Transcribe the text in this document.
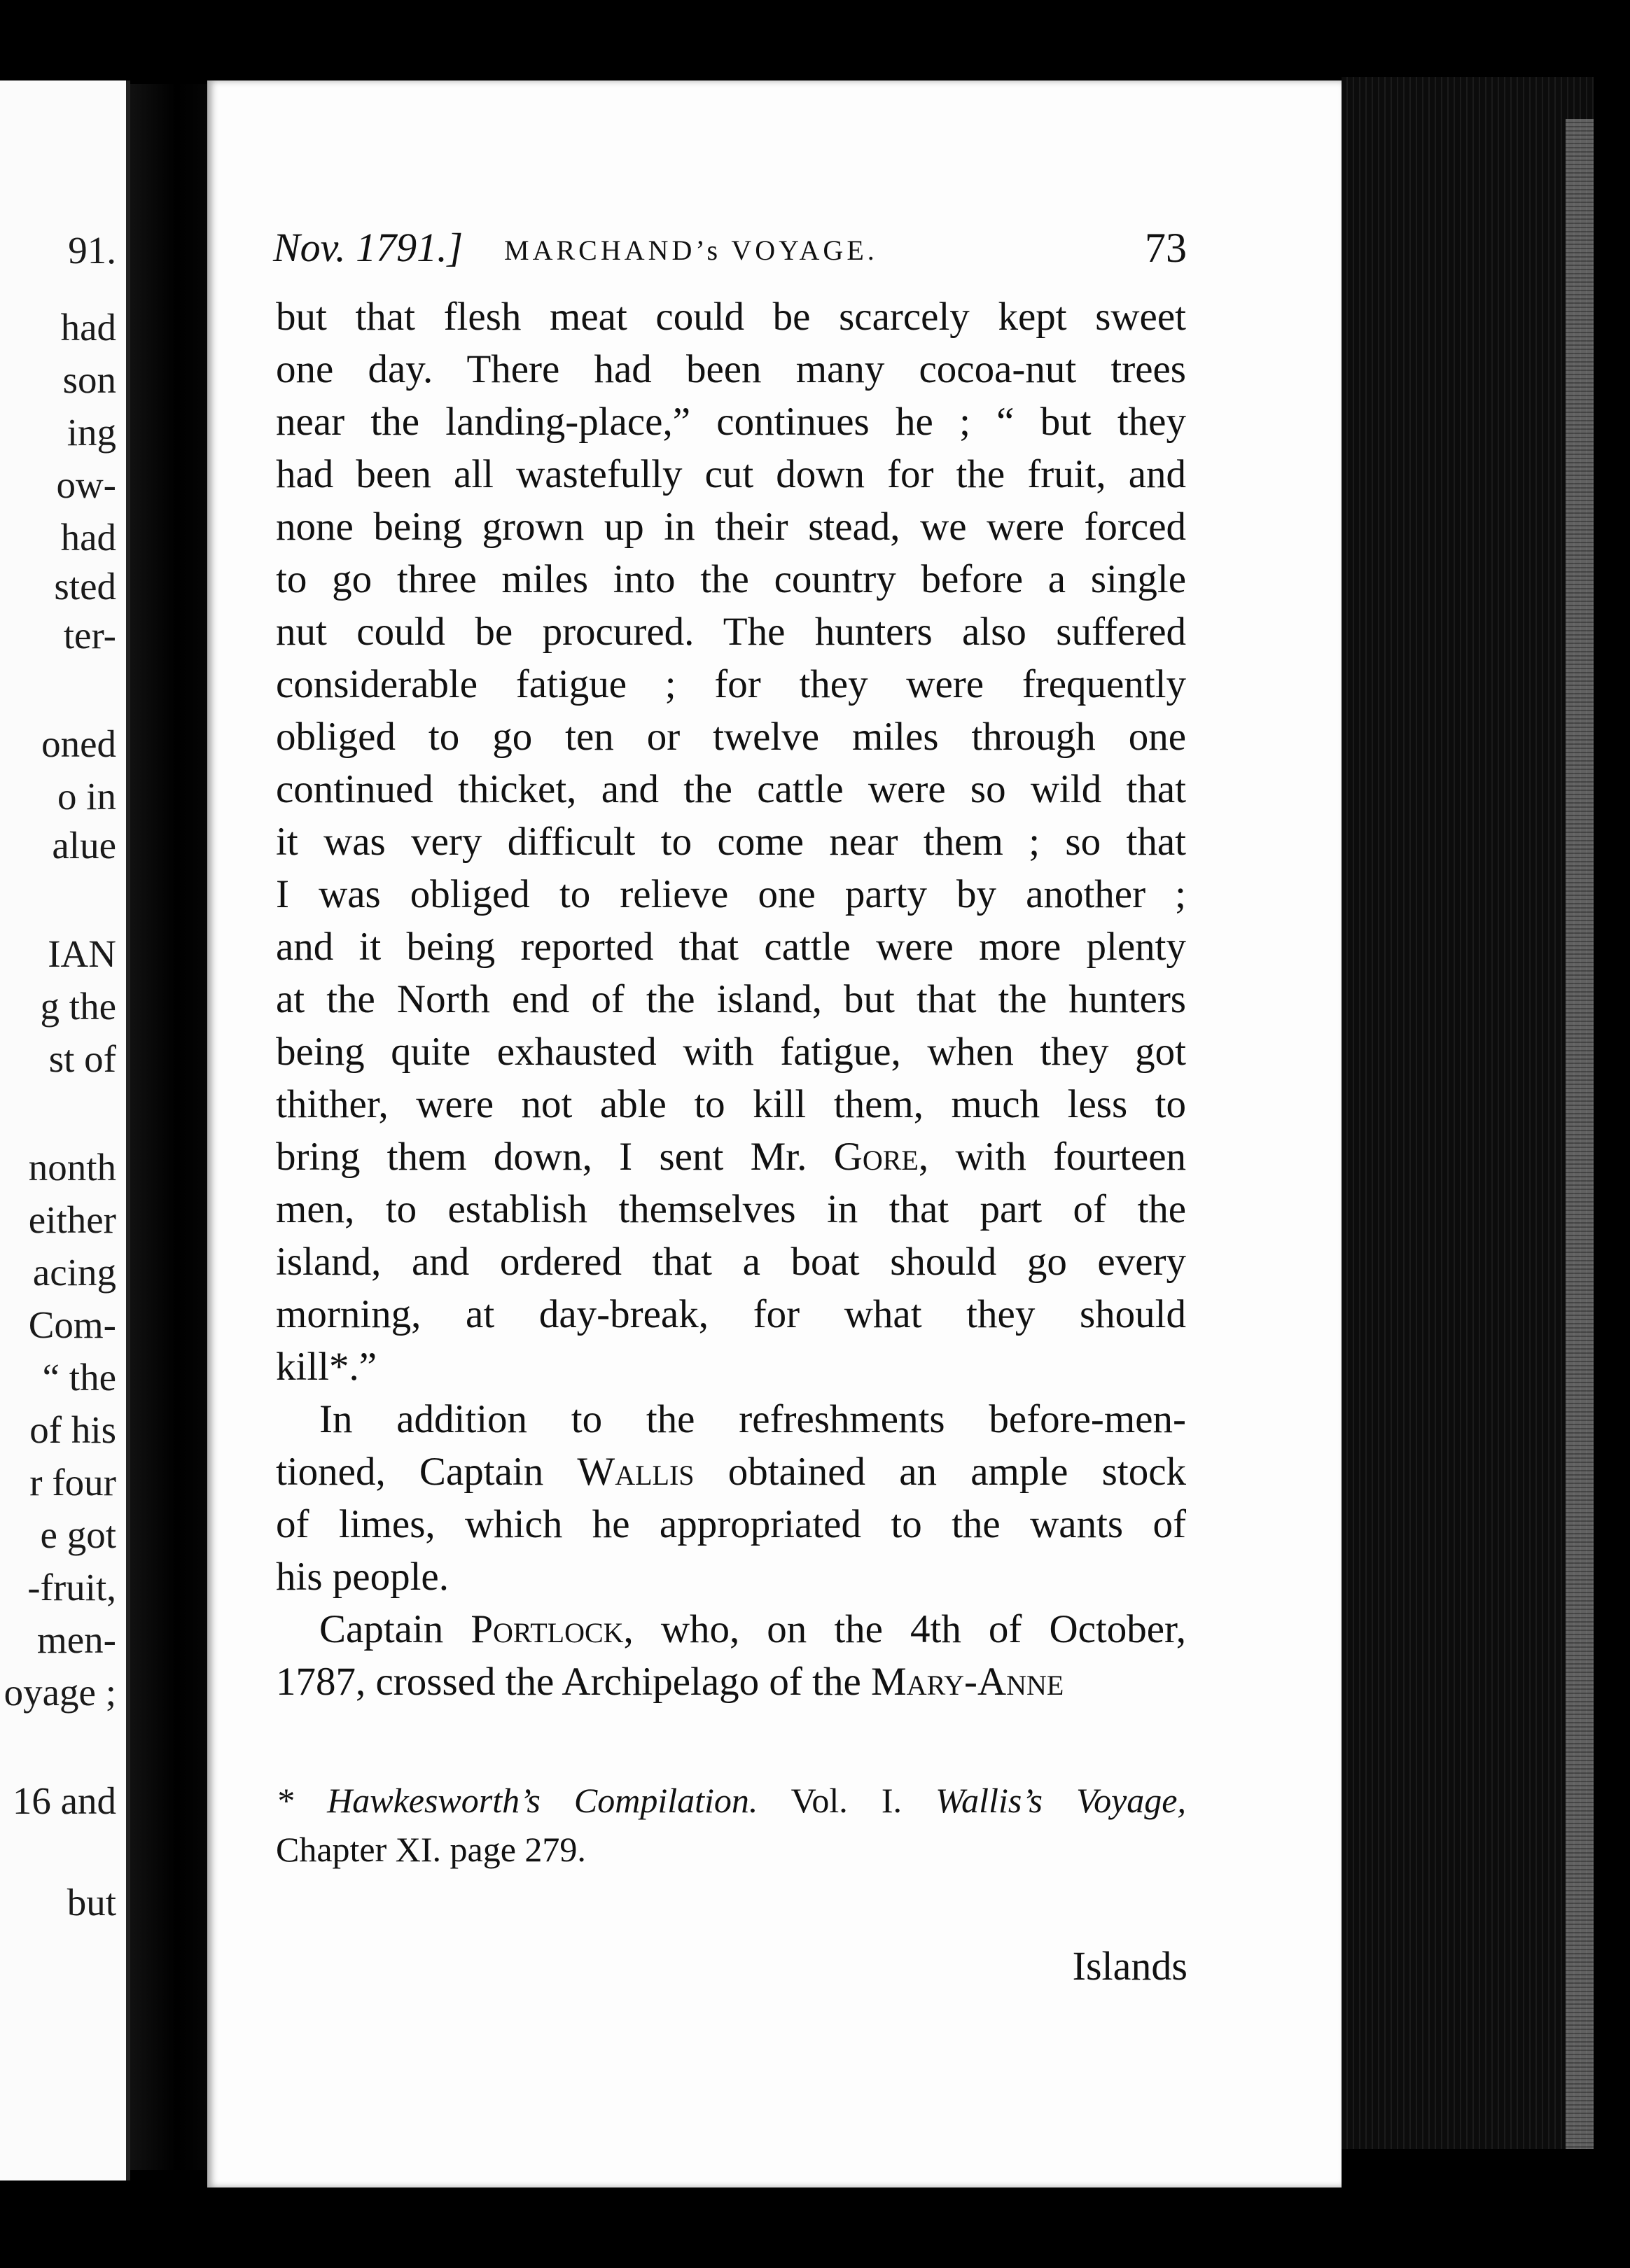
91.
had
son
ing
ow-
had
sted
ter-
oned
o in
alue
IAN
g the
st of
nonth
either
acing
Com-
“ the
of his
r four
e got
-fruit,
men-
oyage ;
16 and
but
Nov. 1791.] MARCHAND’s VOYAGE.	73
but that flesh meat could be scarcely kept sweet
one day. There had been many cocoa-nut trees
near the landing-place,” continues he ; “ but they
had been all wastefully cut down for the fruit, and
none being grown up in their stead, we were forced
to go three miles into the country before a single
nut could be procured. The hunters also suffered
considerable fatigue ; for they were frequently
obliged to go ten or twelve miles through one
continued thicket, and the cattle were so wild that
it was very difficult to come near them ; so that
I was obliged to relieve one party by another ;
and it being reported that cattle were more plenty
at the North end of the island, but that the hunters
being quite exhausted with fatigue, when they got
thither, were not able to kill them, much less to
bring them down, I sent Mr. Gore, with fourteen
men, to establish themselves in that part of the
island, and ordered that a boat should go every
morning, at day-break, for what they should
kill*.”
In addition to the refreshments before-men-
tioned, Captain Wallis obtained an ample stock
of limes, which he appropriated to the wants of
his people.
Captain Portlock, who, on the 4th of October,
1787, crossed the Archipelago of the Mary-Anne
* Hawkesworth’s Compilation. Vol. I. Wallis’s Voyage,
Chapter XI. page 279.
Islands
